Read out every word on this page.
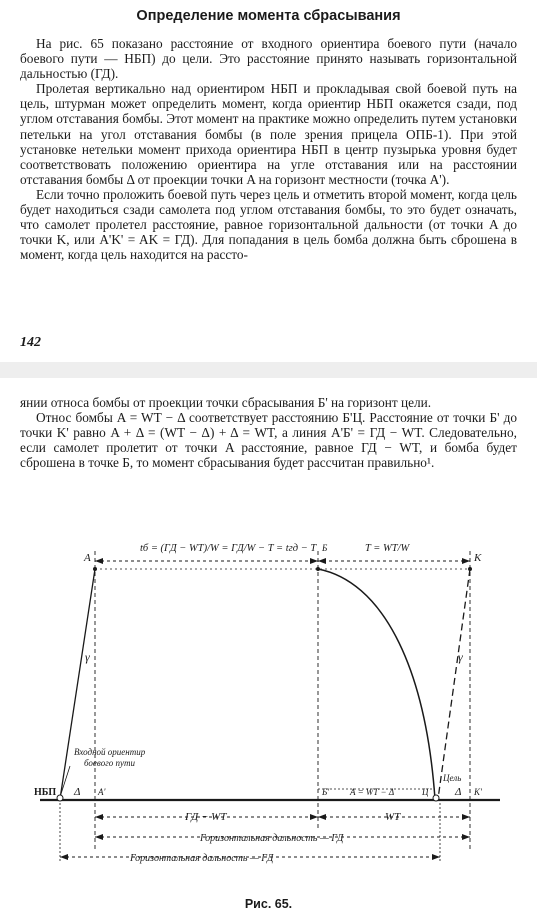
Определение момента сбрасывания

На рис. 65 показано расстояние от входного ориентира боевого пути (начало боевого пути — НБП) до цели. Это расстояние принято называть горизонтальной дальностью (ГД).

Пролетая вертикально над ориентиром НБП и прокладывая свой боевой путь на цель, штурман может определить момент, когда ориентир НБП окажется сзади, под углом отставания бомбы. Этот момент на практике можно определить путем установки петельки на угол отставания бомбы (в поле зрения прицела ОПБ-1). При этой установке нетельки момент прихода ориентира НБП в центр пузырька уровня будет соответствовать положению ориентира на угле отставания или на расстоянии отставания бомбы Δ от проекции точки A на горизонт местности (точка A').

Если точно проложить боевой путь через цель и отметить второй момент, когда цель будет находиться сзади самолета под углом отставания бомбы, то это будет означать, что самолет пролетел расстояние, равное горизонтальной дальности (от точки A до точки K, или A'K' = AK = ГД). Для попадания в цель бомба должна быть сброшена в момент, когда цель находится на рассто-

142

янии относа бомбы от проекции точки сбрасывания Б' на горизонт цели.

Относ бомбы A = WT − Δ соответствует расстоянию Б'Ц. Расстояние от точки Б' до точки K' равно A + Δ = (WT − Δ) + Δ = WT, а линия A'Б' = ГД − WT. Следовательно, если самолет пролетит от точки A расстояние, равное ГД − WT, и бомба будет сброшена в точке Б, то момент сбрасывания будет рассчитан правильно¹.

A
tб = (ГД − WT)/W = ГД/W − T = tгд − T Б	T = WT/W
K
γ	γ
Входной ориентир
боевого пути
НБП Δ A'	Б' A = WT − Δ	Ц
Цель
Δ K'
ГД − WT	WT
Горизонтальная дальность — ГД
Горизонтальная дальность — ГД
Рис. 65.
